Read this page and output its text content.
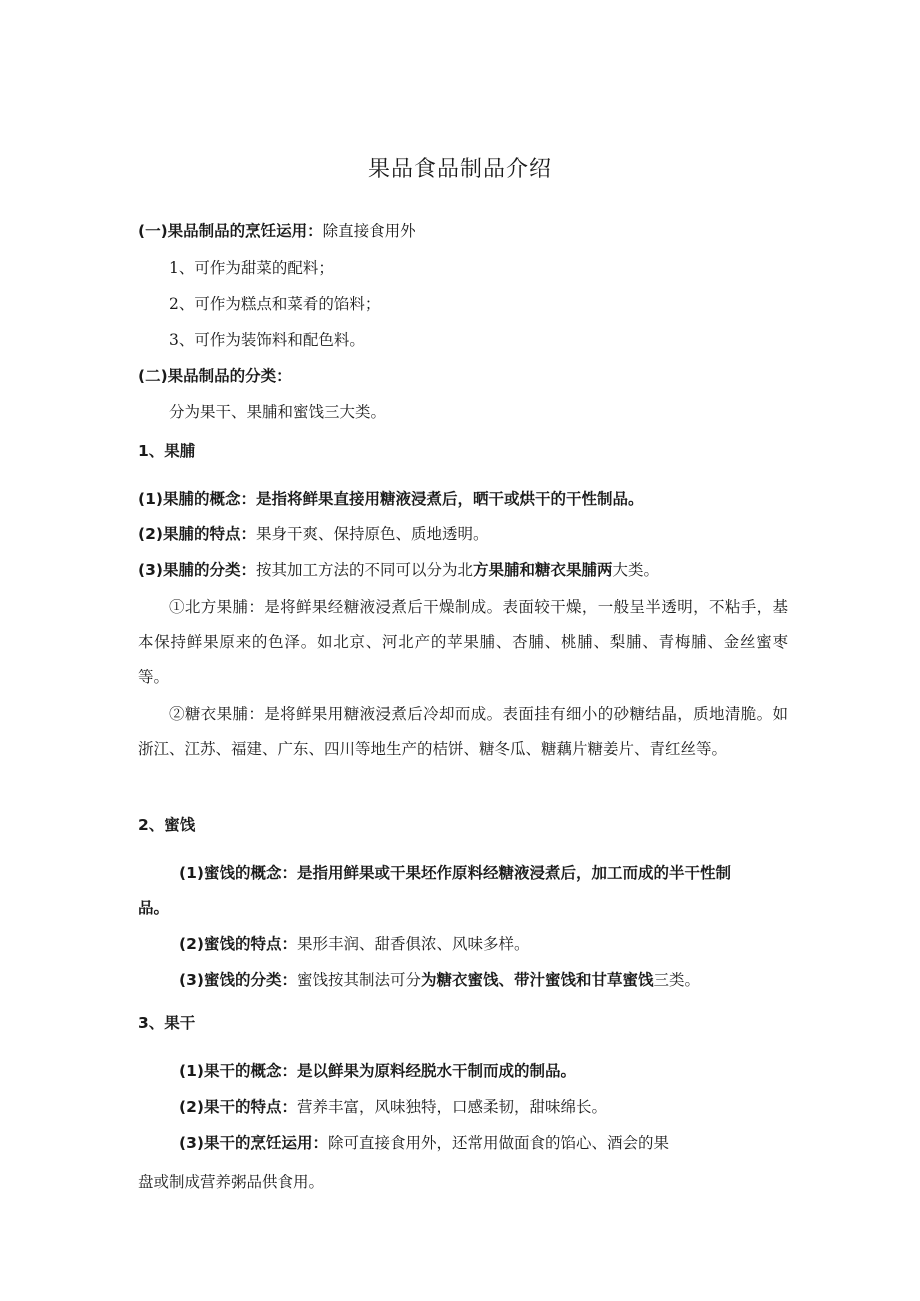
果品食品制品介绍
(一)果品制品的烹饪运用：除直接食用外
1、可作为甜菜的配料；
2、可作为糕点和菜肴的馅料；
3、可作为装饰料和配色料。
(二)果品制品的分类：
分为果干、果脯和蜜饯三大类。
1、果脯
(1)果脯的概念：是指将鲜果直接用糖液浸煮后，晒干或烘干的干性制品。
(2)果脯的特点：果身干爽、保持原色、质地透明。
(3)果脯的分类：按其加工方法的不同可以分为北方果脯和糖衣果脯两大类。
①北方果脯：是将鲜果经糖液浸煮后干燥制成。表面较干燥，一般呈半透明，不粘手，基本保持鲜果原来的色泽。如北京、河北产的苹果脯、杏脯、桃脯、梨脯、青梅脯、金丝蜜枣等。
②糖衣果脯：是将鲜果用糖液浸煮后冷却而成。表面挂有细小的砂糖结晶，质地清脆。如浙江、江苏、福建、广东、四川等地生产的桔饼、糖冬瓜、糖藕片糖姜片、青红丝等。
2、蜜饯
(1)蜜饯的概念：是指用鲜果或干果坯作原料经糖液浸煮后，加工而成的半干性制
品。
(2)蜜饯的特点：果形丰润、甜香俱浓、风味多样。
(3)蜜饯的分类：蜜饯按其制法可分为糖衣蜜饯、带汁蜜饯和甘草蜜饯三类。
3、果干
(1)果干的概念：是以鲜果为原料经脱水干制而成的制品。
(2)果干的特点：营养丰富，风味独特，口感柔韧，甜味绵长。
(3)果干的烹饪运用：除可直接食用外，还常用做面食的馅心、酒会的果
盘或制成营养粥品供食用。
